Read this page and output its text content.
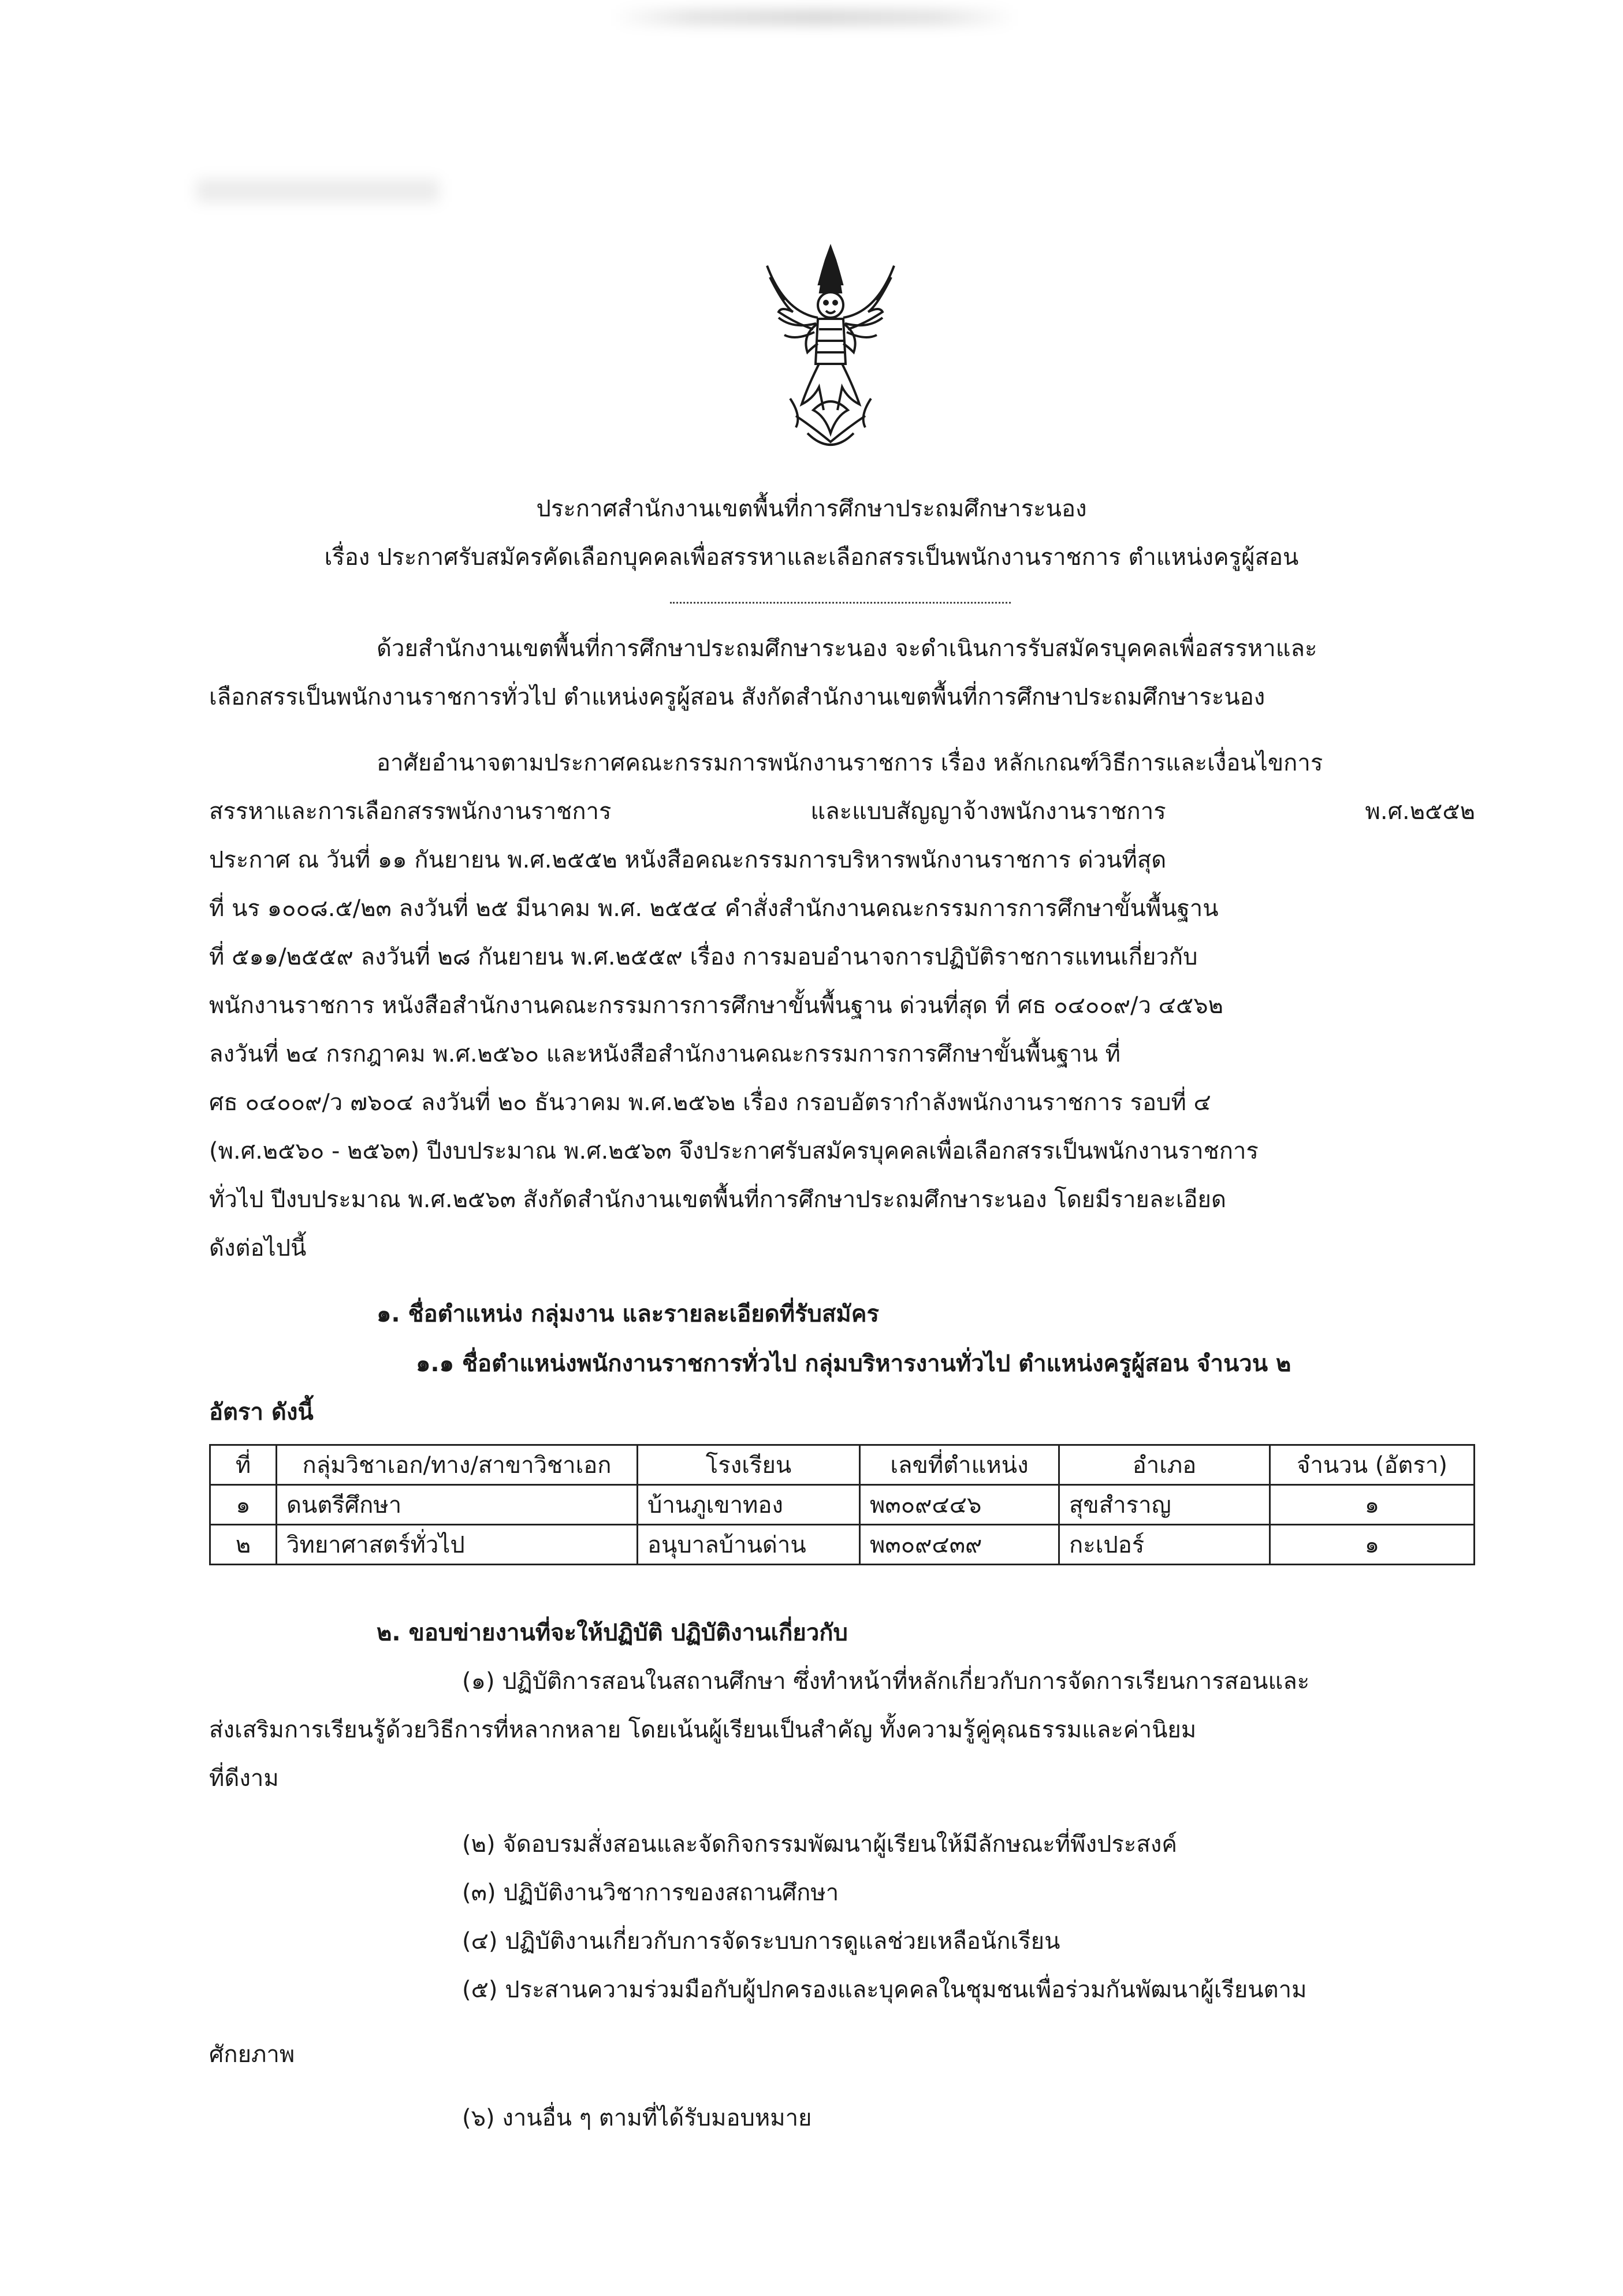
ประกาศสำนักงานเขตพื้นที่การศึกษาประถมศึกษาระนอง
เรื่อง ประกาศรับสมัครคัดเลือกบุคคลเพื่อสรรหาและเลือกสรรเป็นพนักงานราชการ ตำแหน่งครูผู้สอน
ด้วยสำนักงานเขตพื้นที่การศึกษาประถมศึกษาระนอง จะดำเนินการรับสมัครบุคคลเพื่อสรรหาและ
เลือกสรรเป็นพนักงานราชการทั่วไป ตำแหน่งครูผู้สอน สังกัดสำนักงานเขตพื้นที่การศึกษาประถมศึกษาระนอง
อาศัยอำนาจตามประกาศคณะกรรมการพนักงานราชการ เรื่อง หลักเกณฑ์วิธีการและเงื่อนไขการ
สรรหาและการเลือกสรรพนักงานราชการ และแบบสัญญาจ้างพนักงานราชการ พ.ศ.๒๕๕๒
ประกาศ ณ วันที่ ๑๑ กันยายน พ.ศ.๒๕๕๒ หนังสือคณะกรรมการบริหารพนักงานราชการ ด่วนที่สุด
ที่ นร ๑๐๐๘.๕/๒๓ ลงวันที่ ๒๕ มีนาคม พ.ศ. ๒๕๕๔ คำสั่งสำนักงานคณะกรรมการการศึกษาขั้นพื้นฐาน
ที่ ๕๑๑/๒๕๕๙ ลงวันที่ ๒๘ กันยายน พ.ศ.๒๕๕๙ เรื่อง การมอบอำนาจการปฏิบัติราชการแทนเกี่ยวกับ
พนักงานราชการ หนังสือสำนักงานคณะกรรมการการศึกษาขั้นพื้นฐาน ด่วนที่สุด ที่ ศธ ๐๔๐๐๙/ว ๔๕๖๒
ลงวันที่ ๒๔ กรกฎาคม พ.ศ.๒๕๖๐ และหนังสือสำนักงานคณะกรรมการการศึกษาขั้นพื้นฐาน ที่
ศธ ๐๔๐๐๙/ว ๗๖๐๔ ลงวันที่ ๒๐ ธันวาคม พ.ศ.๒๕๖๒ เรื่อง กรอบอัตรากำลังพนักงานราชการ รอบที่ ๔
(พ.ศ.๒๕๖๐ - ๒๕๖๓) ปีงบประมาณ พ.ศ.๒๕๖๓ จึงประกาศรับสมัครบุคคลเพื่อเลือกสรรเป็นพนักงานราชการ
ทั่วไป ปีงบประมาณ พ.ศ.๒๕๖๓ สังกัดสำนักงานเขตพื้นที่การศึกษาประถมศึกษาระนอง โดยมีรายละเอียด
ดังต่อไปนี้
๑. ชื่อตำแหน่ง กลุ่มงาน และรายละเอียดที่รับสมัคร
๑.๑ ชื่อตำแหน่งพนักงานราชการทั่วไป กลุ่มบริหารงานทั่วไป ตำแหน่งครูผู้สอน จำนวน ๒
อัตรา ดังนี้
ที่	กลุ่มวิชาเอก/ทาง/สาขาวิชาเอก	โรงเรียน	เลขที่ตำแหน่ง	อำเภอ	จำนวน (อัตรา)
๑	ดนตรีศึกษา	บ้านภูเขาทอง	พ๓๐๙๔๔๖	สุขสำราญ	๑
๒	วิทยาศาสตร์ทั่วไป	อนุบาลบ้านด่าน	พ๓๐๙๔๓๙	กะเปอร์	๑
๒. ขอบข่ายงานที่จะให้ปฏิบัติ ปฏิบัติงานเกี่ยวกับ
(๑) ปฏิบัติการสอนในสถานศึกษา ซึ่งทำหน้าที่หลักเกี่ยวกับการจัดการเรียนการสอนและ
ส่งเสริมการเรียนรู้ด้วยวิธีการที่หลากหลาย โดยเน้นผู้เรียนเป็นสำคัญ ทั้งความรู้คู่คุณธรรมและค่านิยม
ที่ดีงาม
(๒) จัดอบรมสั่งสอนและจัดกิจกรรมพัฒนาผู้เรียนให้มีลักษณะที่พึงประสงค์
(๓) ปฏิบัติงานวิชาการของสถานศึกษา
(๔) ปฏิบัติงานเกี่ยวกับการจัดระบบการดูแลช่วยเหลือนักเรียน
(๕) ประสานความร่วมมือกับผู้ปกครองและบุคคลในชุมชนเพื่อร่วมกันพัฒนาผู้เรียนตาม
ศักยภาพ
(๖) งานอื่น ๆ ตามที่ได้รับมอบหมาย
